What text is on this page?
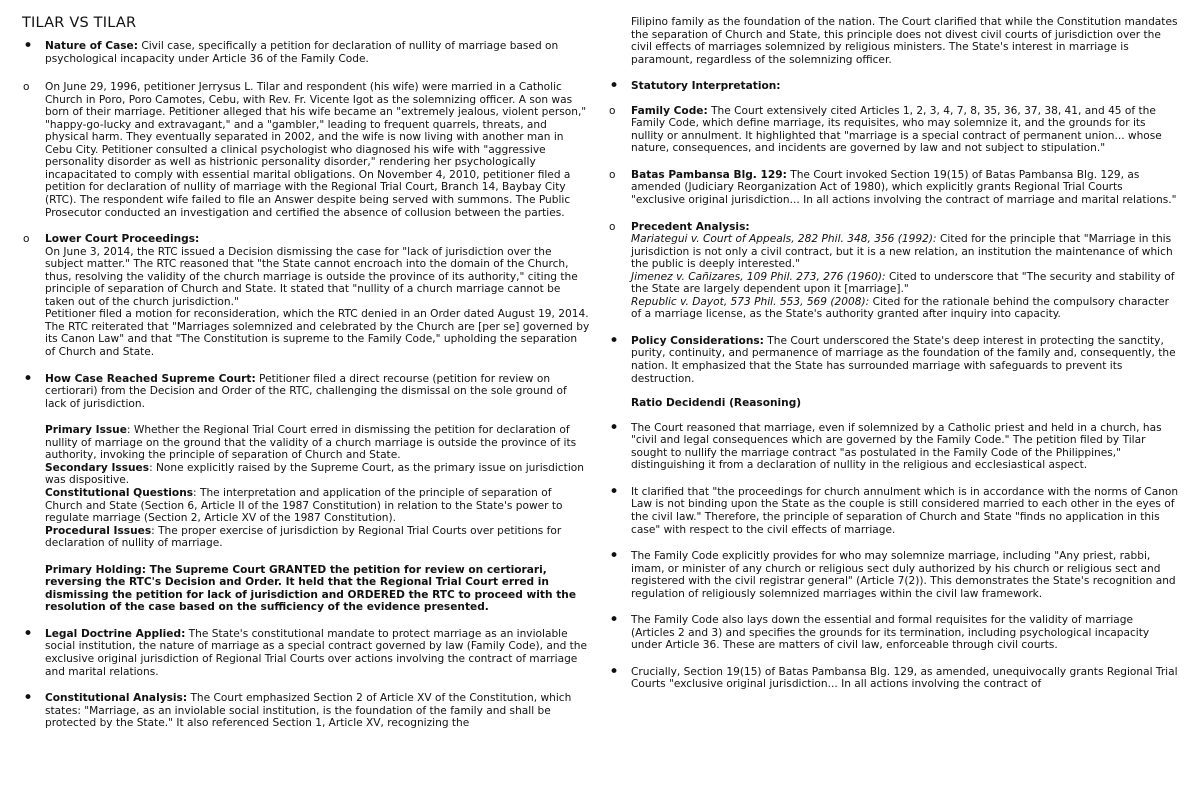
TILAR VS TILAR
•

Nature of Case: Civil case, specifically a petition for declaration of nullity of marriage based on psychological incapacity under Article 36 of the Family Code.

o

On June 29, 1996, petitioner Jerrysus L. Tilar and respondent (his wife) were married in a Catholic Church in Poro, Poro Camotes, Cebu, with Rev. Fr. Vicente Igot as the solemnizing officer. A son was born of their marriage. Petitioner alleged that his wife became an "extremely jealous, violent person," "happy-go-lucky and extravagant," and a "gambler," leading to frequent quarrels, threats, and physical harm. They eventually separated in 2002, and the wife is now living with another man in Cebu City. Petitioner consulted a clinical psychologist who diagnosed his wife with "aggressive personality disorder as well as histrionic personality disorder," rendering her psychologically incapacitated to comply with essential marital obligations. On November 4, 2010, petitioner filed a petition for declaration of nullity of marriage with the Regional Trial Court, Branch 14, Baybay City (RTC). The respondent wife failed to file an Answer despite being served with summons. The Public Prosecutor conducted an investigation and certified the absence of collusion between the parties.

o

Lower Court Proceedings:

On June 3, 2014, the RTC issued a Decision dismissing the case for "lack of jurisdiction over the subject matter." The RTC reasoned that "the State cannot encroach into the domain of the Church, thus, resolving the validity of the church marriage is outside the province of its authority," citing the principle of separation of Church and State. It stated that "nullity of a church marriage cannot be taken out of the church jurisdiction."

Petitioner filed a motion for reconsideration, which the RTC denied in an Order dated August 19, 2014. The RTC reiterated that "Marriages solemnized and celebrated by the Church are [per se] governed by its Canon Law" and that "The Constitution is supreme to the Family Code," upholding the separation of Church and State.

•

How Case Reached Supreme Court: Petitioner filed a direct recourse (petition for review on certiorari) from the Decision and Order of the RTC, challenging the dismissal on the sole ground of lack of jurisdiction.

Primary Issue: Whether the Regional Trial Court erred in dismissing the petition for declaration of nullity of marriage on the ground that the validity of a church marriage is outside the province of its authority, invoking the principle of separation of Church and State.

Secondary Issues: None explicitly raised by the Supreme Court, as the primary issue on jurisdiction was dispositive.

Constitutional Questions: The interpretation and application of the principle of separation of Church and State (Section 6, Article II of the 1987 Constitution) in relation to the State's power to regulate marriage (Section 2, Article XV of the 1987 Constitution).

Procedural Issues: The proper exercise of jurisdiction by Regional Trial Courts over petitions for declaration of nullity of marriage.

Primary Holding: The Supreme Court GRANTED the petition for review on certiorari, reversing the RTC's Decision and Order. It held that the Regional Trial Court erred in dismissing the petition for lack of jurisdiction and ORDERED the RTC to proceed with the resolution of the case based on the sufficiency of the evidence presented.

•

Legal Doctrine Applied: The State's constitutional mandate to protect marriage as an inviolable social institution, the nature of marriage as a special contract governed by law (Family Code), and the exclusive original jurisdiction of Regional Trial Courts over actions involving the contract of marriage and marital relations.

•

Constitutional Analysis: The Court emphasized Section 2 of Article XV of the Constitution, which states: "Marriage, as an inviolable social institution, is the foundation of the family and shall be protected by the State." It also referenced Section 1, Article XV, recognizing the

Filipino family as the foundation of the nation. The Court clarified that while the Constitution mandates the separation of Church and State, this principle does not divest civil courts of jurisdiction over the civil effects of marriages solemnized by religious ministers. The State's interest in marriage is paramount, regardless of the solemnizing officer.

•

Statutory Interpretation:

o

Family Code: The Court extensively cited Articles 1, 2, 3, 4, 7, 8, 35, 36, 37, 38, 41, and 45 of the Family Code, which define marriage, its requisites, who may solemnize it, and the grounds for its nullity or annulment. It highlighted that "marriage is a special contract of permanent union... whose nature, consequences, and incidents are governed by law and not subject to stipulation."

o

Batas Pambansa Blg. 129: The Court invoked Section 19(15) of Batas Pambansa Blg. 129, as amended (Judiciary Reorganization Act of 1980), which explicitly grants Regional Trial Courts "exclusive original jurisdiction... In all actions involving the contract of marriage and marital relations."

o

Precedent Analysis:

Mariategui v. Court of Appeals, 282 Phil. 348, 356 (1992): Cited for the principle that "Marriage in this jurisdiction is not only a civil contract, but it is a new relation, an institution the maintenance of which the public is deeply interested."

Jimenez v. Cañizares, 109 Phil. 273, 276 (1960): Cited to underscore that "The security and stability of the State are largely dependent upon it [marriage]."

Republic v. Dayot, 573 Phil. 553, 569 (2008): Cited for the rationale behind the compulsory character of a marriage license, as the State's authority granted after inquiry into capacity.

•

Policy Considerations: The Court underscored the State's deep interest in protecting the sanctity, purity, continuity, and permanence of marriage as the foundation of the family and, consequently, the nation. It emphasized that the State has surrounded marriage with safeguards to prevent its destruction.

Ratio Decidendi (Reasoning)

•

The Court reasoned that marriage, even if solemnized by a Catholic priest and held in a church, has "civil and legal consequences which are governed by the Family Code." The petition filed by Tilar sought to nullify the marriage contract "as postulated in the Family Code of the Philippines," distinguishing it from a declaration of nullity in the religious and ecclesiastical aspect.

•

It clarified that "the proceedings for church annulment which is in accordance with the norms of Canon Law is not binding upon the State as the couple is still considered married to each other in the eyes of the civil law." Therefore, the principle of separation of Church and State "finds no application in this case" with respect to the civil effects of marriage.

•

The Family Code explicitly provides for who may solemnize marriage, including "Any priest, rabbi, imam, or minister of any church or religious sect duly authorized by his church or religious sect and registered with the civil registrar general" (Article 7(2)). This demonstrates the State's recognition and regulation of religiously solemnized marriages within the civil law framework.

•

The Family Code also lays down the essential and formal requisites for the validity of marriage (Articles 2 and 3) and specifies the grounds for its termination, including psychological incapacity under Article 36. These are matters of civil law, enforceable through civil courts.

•

Crucially, Section 19(15) of Batas Pambansa Blg. 129, as amended, unequivocally grants Regional Trial Courts "exclusive original jurisdiction... In all actions involving the contract of
